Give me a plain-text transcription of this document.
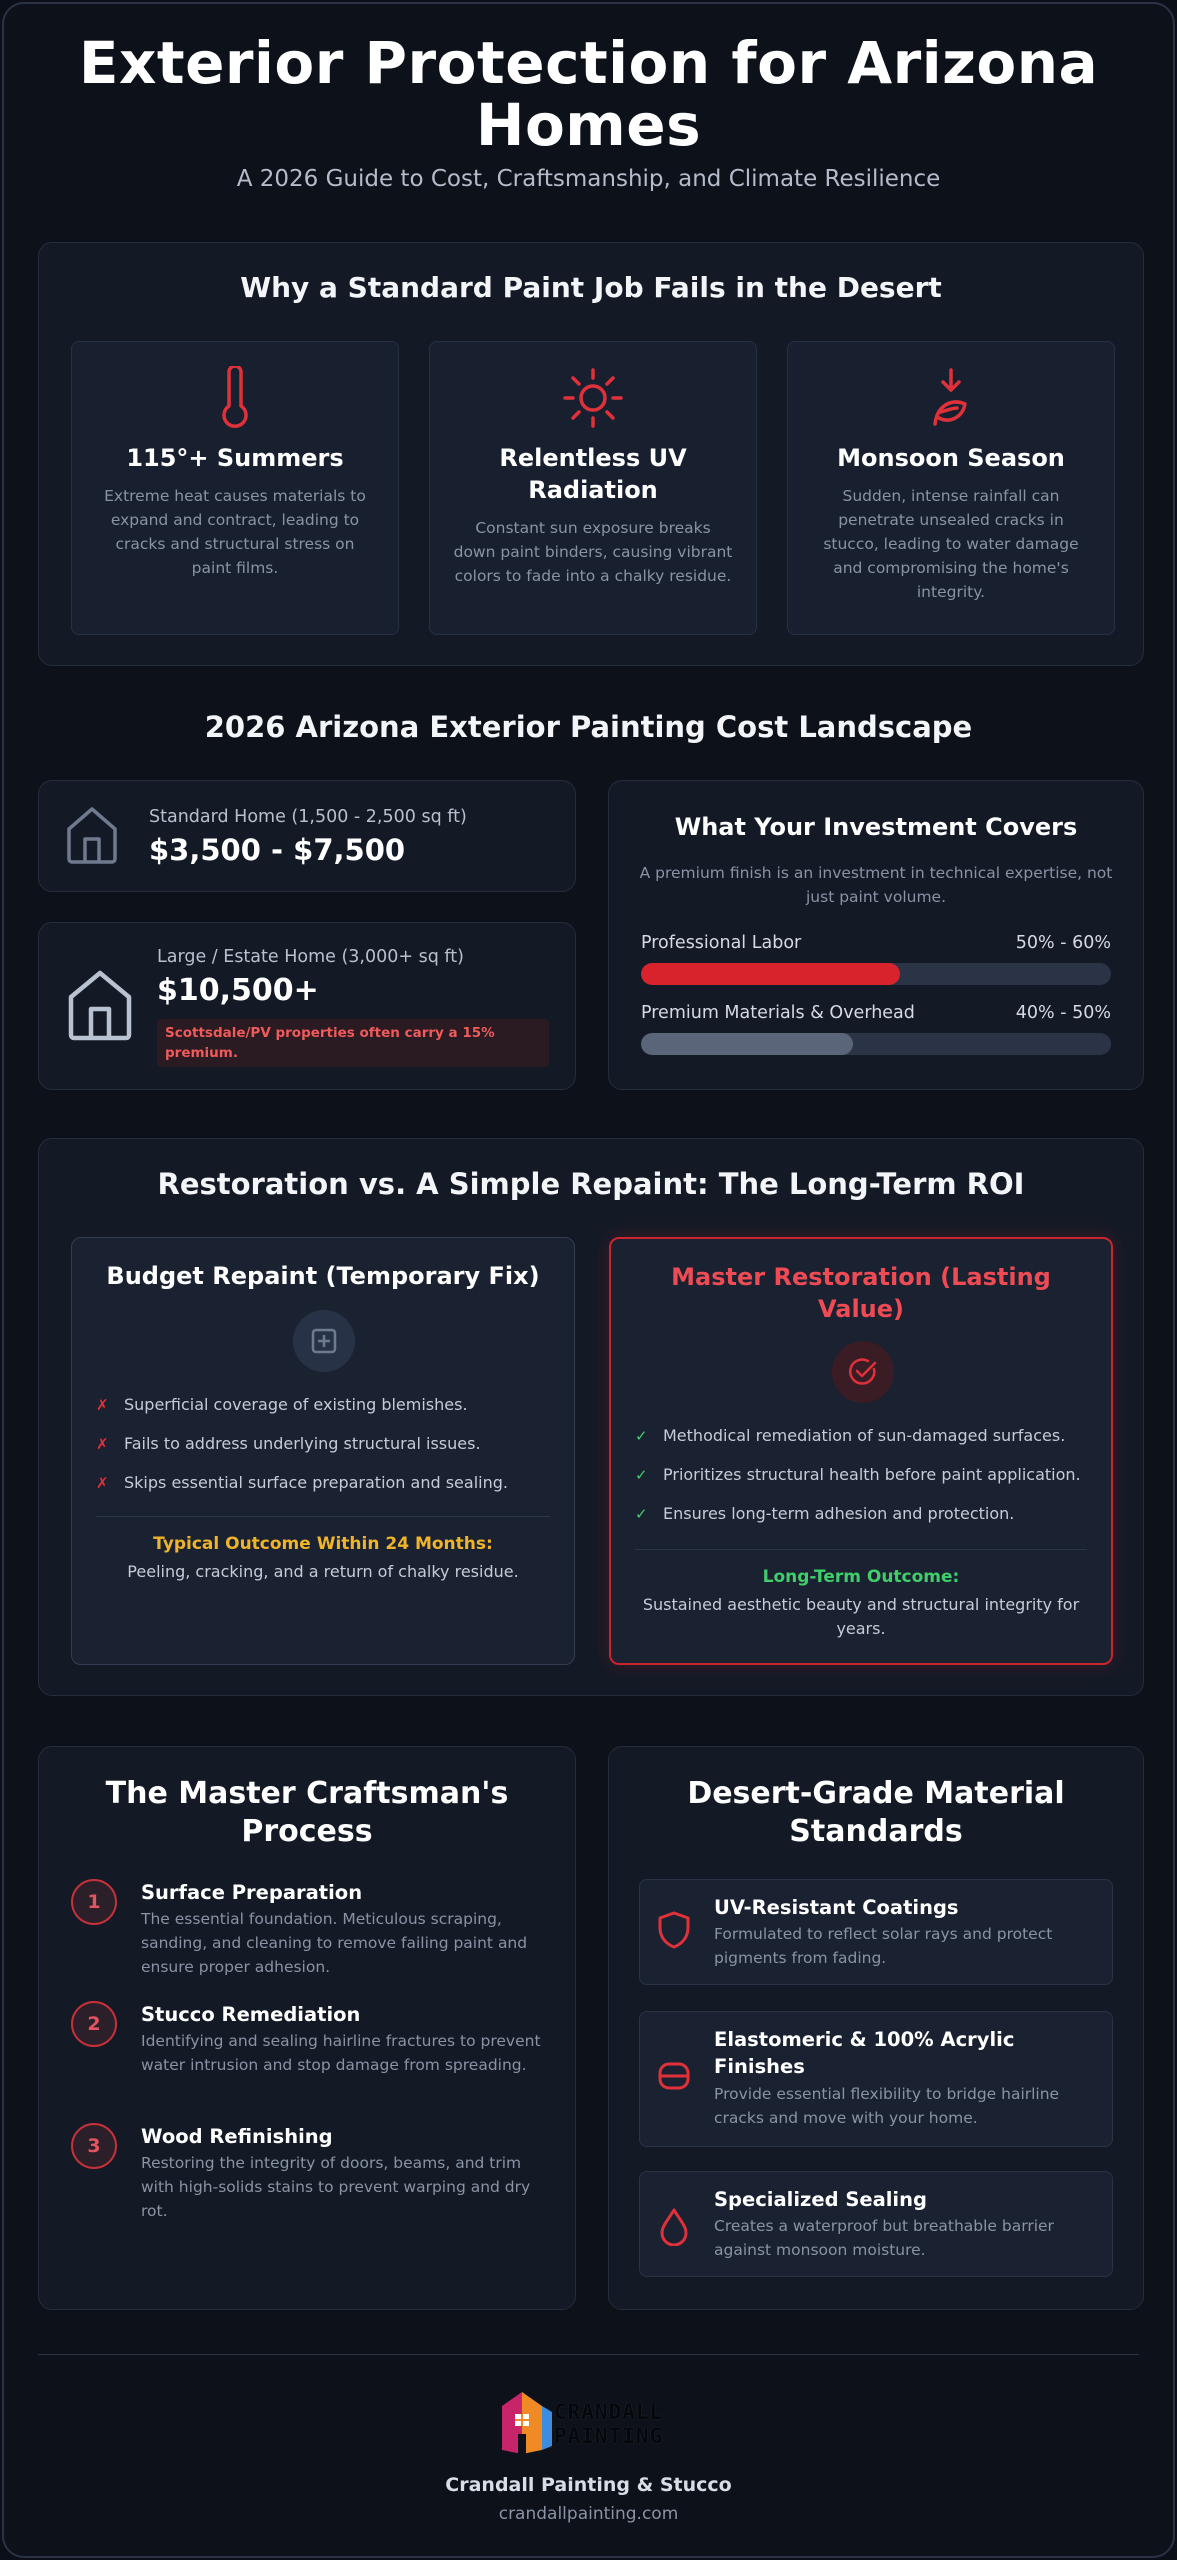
Exterior Protection for Arizona Homes
A 2026 Guide to Cost, Craftsmanship, and Climate Resilience
Why a Standard Paint Job Fails in the Desert
115°+ Summers

Extreme heat causes materials to expand and contract, leading to cracks and structural stress on paint films.

Relentless UV Radiation

Constant sun exposure breaks down paint binders, causing vibrant colors to fade into a chalky residue.

Monsoon Season

Sudden, intense rainfall can penetrate unsealed cracks in stucco, leading to water damage and compromising the home's integrity.

2026 Arizona Exterior Painting Cost Landscape
Standard Home (1,500 - 2,500 sq ft)
$3,500 - $7,500
Large / Estate Home (3,000+ sq ft)
$10,500+
Scottsdale/PV properties often carry a 15% premium.
What Your Investment Covers
A premium finish is an investment in technical expertise, not just paint volume.
Professional Labor	50% - 60%
Premium Materials & Overhead	40% - 50%
Restoration vs. A Simple Repaint: The Long-Term ROI
Budget Repaint (Temporary Fix)
✗ Superficial coverage of existing blemishes.
✗ Fails to address underlying structural issues.
✗ Skips essential surface preparation and sealing.
Typical Outcome Within 24 Months:
Peeling, cracking, and a return of chalky residue.
Master Restoration (Lasting Value)
✓ Methodical remediation of sun-damaged surfaces.
✓ Prioritizes structural health before paint application.
✓ Ensures long-term adhesion and protection.
Long-Term Outcome:
Sustained aesthetic beauty and structural integrity for years.
The Master Craftsman's Process
1	Surface Preparation
The essential foundation. Meticulous scraping, sanding, and cleaning to remove failing paint and ensure proper adhesion.
2	Stucco Remediation
Identifying and sealing hairline fractures to prevent water intrusion and stop damage from spreading.
3	Wood Refinishing
Restoring the integrity of doors, beams, and trim with high-solids stains to prevent warping and dry rot.
Desert-Grade Material Standards
UV-Resistant Coatings

Formulated to reflect solar rays and protect pigments from fading.

Elastomeric & 100% Acrylic Finishes

Provide essential flexibility to bridge hairline cracks and move with your home.

Specialized Sealing

Creates a waterproof but breathable barrier against monsoon moisture.

CRANDALL PAINTING
Crandall Painting & Stucco
crandallpainting.com
